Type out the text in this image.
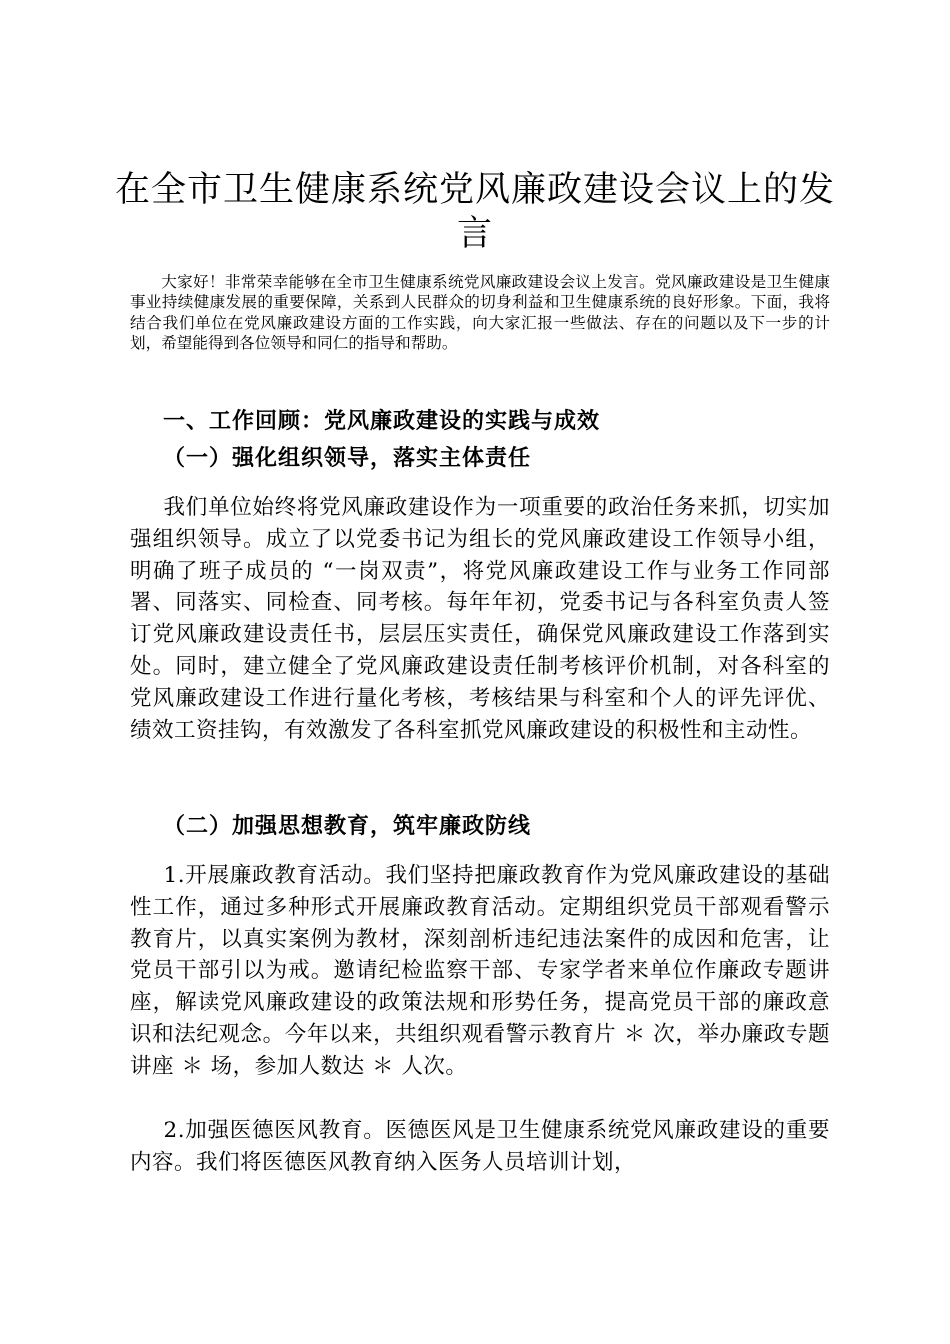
在全市卫生健康系统党风廉政建设会议上的发言
大家好！非常荣幸能够在全市卫生健康系统党风廉政建设会议上发言。党风廉政建设是卫生健康事业持续健康发展的重要保障，关系到人民群众的切身利益和卫生健康系统的良好形象。下面，我将结合我们单位在党风廉政建设方面的工作实践，向大家汇报一些做法、存在的问题以及下一步的计划，希望能得到各位领导和同仁的指导和帮助。
一、工作回顾：党风廉政建设的实践与成效
（一）强化组织领导，落实主体责任
我们单位始终将党风廉政建设作为一项重要的政治任务来抓，切实加强组织领导。成立了以党委书记为组长的党风廉政建设工作领导小组，明确了班子成员的 “一岗双责”，将党风廉政建设工作与业务工作同部署、同落实、同检查、同考核。每年年初，党委书记与各科室负责人签订党风廉政建设责任书，层层压实责任，确保党风廉政建设工作落到实处。同时，建立健全了党风廉政建设责任制考核评价机制，对各科室的党风廉政建设工作进行量化考核，考核结果与科室和个人的评先评优、绩效工资挂钩，有效激发了各科室抓党风廉政建设的积极性和主动性。
（二）加强思想教育，筑牢廉政防线
1.开展廉政教育活动。我们坚持把廉政教育作为党风廉政建设的基础性工作，通过多种形式开展廉政教育活动。定期组织党员干部观看警示教育片，以真实案例为教材，深刻剖析违纪违法案件的成因和危害，让党员干部引以为戒。邀请纪检监察干部、专家学者来单位作廉政专题讲座，解读党风廉政建设的政策法规和形势任务，提高党员干部的廉政意识和法纪观念。今年以来，共组织观看警示教育片 ＊ 次，举办廉政专题讲座 ＊ 场，参加人数达 ＊ 人次。
2.加强医德医风教育。医德医风是卫生健康系统党风廉政建设的重要内容。我们将医德医风教育纳入医务人员培训计划，
